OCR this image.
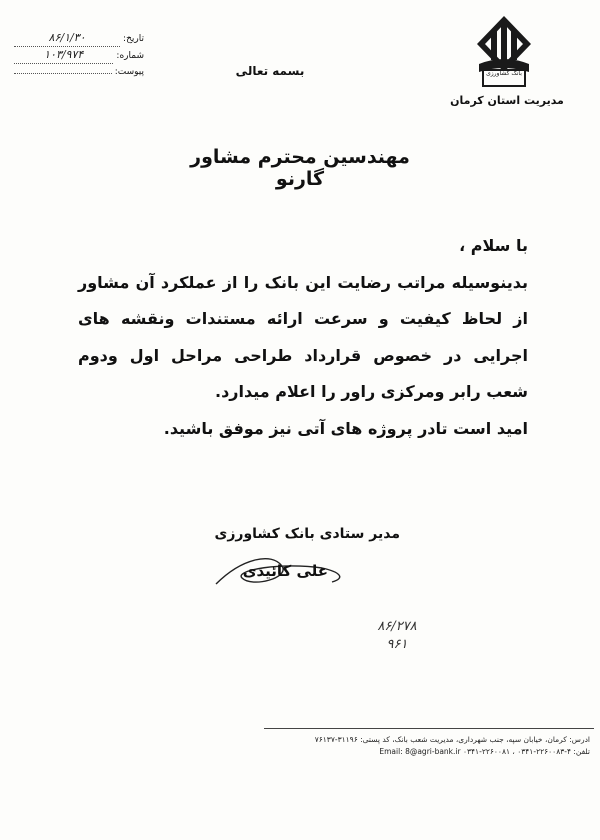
بانک کشاورزی
مدیریت استان کرمان
تاریخ:
۸۶/۱/۳۰
شماره:
۱۰۳/۹۷۴
پیوست:	بسمه تعالی
مهندسین محترم مشاور گارنو

با سلام ،

بدینوسیله مراتب رضایت این بانک را از عملکرد آن مشاور از لحاظ کیفیت و سرعت ارائه مستندات ونقشه های اجرایی در خصوص قرارداد طراحی مراحل اول ودوم شعب رابر ومرکزی راور را اعلام میدارد.

امید است تادر پروژه های آتی نیز موفق باشید.

مدیر ستادی بانک کشاورزی
علی کائیدی
۸۶/۲۷۸
۹۶۱
ادرس: کرمان، خیابان سپه، جنب شهرداری، مدیریت شعب بانک، کد پستی: ۳۱۱۹۶-۷۶۱۳۷
تلفن: ۴-۲۲۶۰۰۸۳-۰۳۴۱ ، ۲۲۶۰۰۸۱-۰۳۴۱ Email: 8@agri-bank.ir
